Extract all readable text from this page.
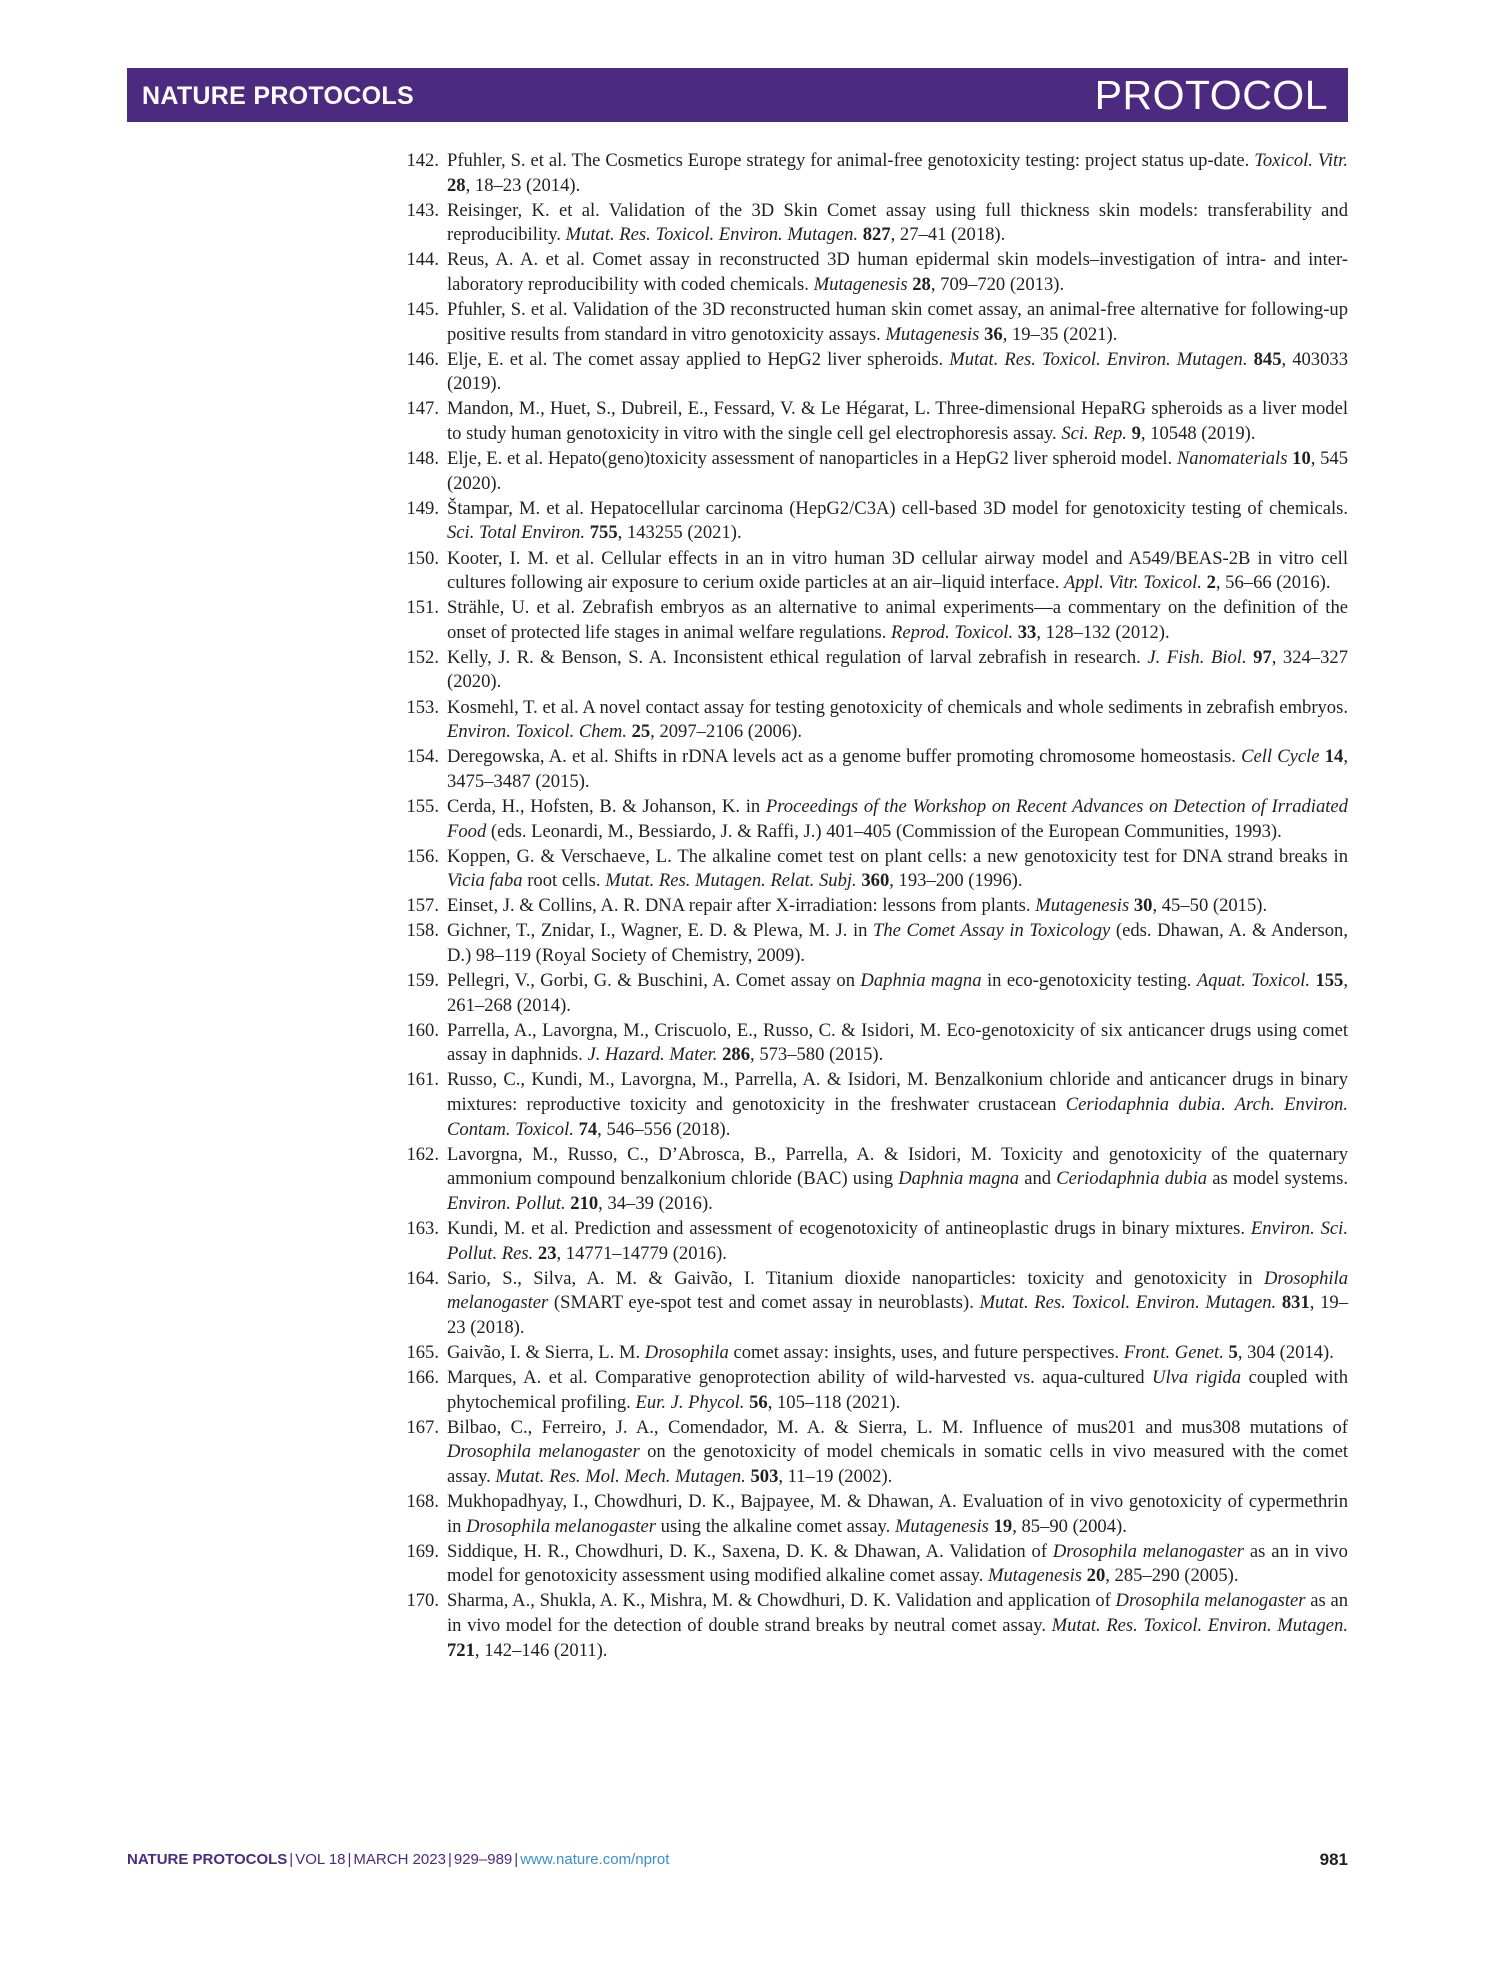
NATURE PROTOCOLS	PROTOCOL
142. Pfuhler, S. et al. The Cosmetics Europe strategy for animal-free genotoxicity testing: project status up-date. Toxicol. Vitr. 28, 18–23 (2014).
143. Reisinger, K. et al. Validation of the 3D Skin Comet assay using full thickness skin models: transferability and reproducibility. Mutat. Res. Toxicol. Environ. Mutagen. 827, 27–41 (2018).
144. Reus, A. A. et al. Comet assay in reconstructed 3D human epidermal skin models–investigation of intra- and inter-laboratory reproducibility with coded chemicals. Mutagenesis 28, 709–720 (2013).
145. Pfuhler, S. et al. Validation of the 3D reconstructed human skin comet assay, an animal-free alternative for following-up positive results from standard in vitro genotoxicity assays. Mutagenesis 36, 19–35 (2021).
146. Elje, E. et al. The comet assay applied to HepG2 liver spheroids. Mutat. Res. Toxicol. Environ. Mutagen. 845, 403033 (2019).
147. Mandon, M., Huet, S., Dubreil, E., Fessard, V. & Le Hégarat, L. Three-dimensional HepaRG spheroids as a liver model to study human genotoxicity in vitro with the single cell gel electrophoresis assay. Sci. Rep. 9, 10548 (2019).
148. Elje, E. et al. Hepato(geno)toxicity assessment of nanoparticles in a HepG2 liver spheroid model. Nanomaterials 10, 545 (2020).
149. Štampar, M. et al. Hepatocellular carcinoma (HepG2/C3A) cell-based 3D model for genotoxicity testing of chemicals. Sci. Total Environ. 755, 143255 (2021).
150. Kooter, I. M. et al. Cellular effects in an in vitro human 3D cellular airway model and A549/BEAS-2B in vitro cell cultures following air exposure to cerium oxide particles at an air–liquid interface. Appl. Vitr. Toxicol. 2, 56–66 (2016).
151. Strähle, U. et al. Zebrafish embryos as an alternative to animal experiments—a commentary on the definition of the onset of protected life stages in animal welfare regulations. Reprod. Toxicol. 33, 128–132 (2012).
152. Kelly, J. R. & Benson, S. A. Inconsistent ethical regulation of larval zebrafish in research. J. Fish. Biol. 97, 324–327 (2020).
153. Kosmehl, T. et al. A novel contact assay for testing genotoxicity of chemicals and whole sediments in zebrafish embryos. Environ. Toxicol. Chem. 25, 2097–2106 (2006).
154. Deregowska, A. et al. Shifts in rDNA levels act as a genome buffer promoting chromosome homeostasis. Cell Cycle 14, 3475–3487 (2015).
155. Cerda, H., Hofsten, B. & Johanson, K. in Proceedings of the Workshop on Recent Advances on Detection of Irradiated Food (eds. Leonardi, M., Bessiardo, J. & Raffi, J.) 401–405 (Commission of the European Communities, 1993).
156. Koppen, G. & Verschaeve, L. The alkaline comet test on plant cells: a new genotoxicity test for DNA strand breaks in Vicia faba root cells. Mutat. Res. Mutagen. Relat. Subj. 360, 193–200 (1996).
157. Einset, J. & Collins, A. R. DNA repair after X-irradiation: lessons from plants. Mutagenesis 30, 45–50 (2015).
158. Gichner, T., Znidar, I., Wagner, E. D. & Plewa, M. J. in The Comet Assay in Toxicology (eds. Dhawan, A. & Anderson, D.) 98–119 (Royal Society of Chemistry, 2009).
159. Pellegri, V., Gorbi, G. & Buschini, A. Comet assay on Daphnia magna in eco-genotoxicity testing. Aquat. Toxicol. 155, 261–268 (2014).
160. Parrella, A., Lavorgna, M., Criscuolo, E., Russo, C. & Isidori, M. Eco-genotoxicity of six anticancer drugs using comet assay in daphnids. J. Hazard. Mater. 286, 573–580 (2015).
161. Russo, C., Kundi, M., Lavorgna, M., Parrella, A. & Isidori, M. Benzalkonium chloride and anticancer drugs in binary mixtures: reproductive toxicity and genotoxicity in the freshwater crustacean Ceriodaphnia dubia. Arch. Environ. Contam. Toxicol. 74, 546–556 (2018).
162. Lavorgna, M., Russo, C., D’Abrosca, B., Parrella, A. & Isidori, M. Toxicity and genotoxicity of the quaternary ammonium compound benzalkonium chloride (BAC) using Daphnia magna and Ceriodaphnia dubia as model systems. Environ. Pollut. 210, 34–39 (2016).
163. Kundi, M. et al. Prediction and assessment of ecogenotoxicity of antineoplastic drugs in binary mixtures. Environ. Sci. Pollut. Res. 23, 14771–14779 (2016).
164. Sario, S., Silva, A. M. & Gaivão, I. Titanium dioxide nanoparticles: toxicity and genotoxicity in Drosophila melanogaster (SMART eye-spot test and comet assay in neuroblasts). Mutat. Res. Toxicol. Environ. Mutagen. 831, 19–23 (2018).
165. Gaivão, I. & Sierra, L. M. Drosophila comet assay: insights, uses, and future perspectives. Front. Genet. 5, 304 (2014).
166. Marques, A. et al. Comparative genoprotection ability of wild-harvested vs. aqua-cultured Ulva rigida coupled with phytochemical profiling. Eur. J. Phycol. 56, 105–118 (2021).
167. Bilbao, C., Ferreiro, J. A., Comendador, M. A. & Sierra, L. M. Influence of mus201 and mus308 mutations of Drosophila melanogaster on the genotoxicity of model chemicals in somatic cells in vivo measured with the comet assay. Mutat. Res. Mol. Mech. Mutagen. 503, 11–19 (2002).
168. Mukhopadhyay, I., Chowdhuri, D. K., Bajpayee, M. & Dhawan, A. Evaluation of in vivo genotoxicity of cypermethrin in Drosophila melanogaster using the alkaline comet assay. Mutagenesis 19, 85–90 (2004).
169. Siddique, H. R., Chowdhuri, D. K., Saxena, D. K. & Dhawan, A. Validation of Drosophila melanogaster as an in vivo model for genotoxicity assessment using modified alkaline comet assay. Mutagenesis 20, 285–290 (2005).
170. Sharma, A., Shukla, A. K., Mishra, M. & Chowdhuri, D. K. Validation and application of Drosophila melanogaster as an in vivo model for the detection of double strand breaks by neutral comet assay. Mutat. Res. Toxicol. Environ. Mutagen. 721, 142–146 (2011).
NATURE PROTOCOLS | VOL 18 | MARCH 2023 | 929–989 | www.nature.com/nprot	981
